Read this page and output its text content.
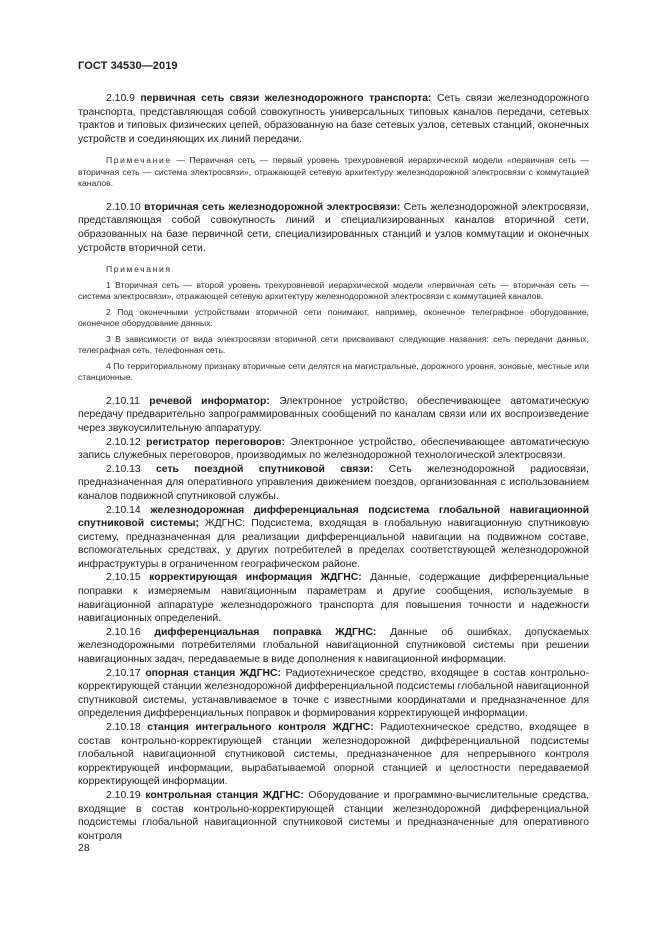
ГОСТ 34530—2019

2.10.9 первичная сеть связи железнодорожного транспорта: Сеть связи железнодорожного транспорта, представляющая собой совокупность универсальных типовых каналов передачи, сетевых трактов и типовых физических цепей, образованную на базе сетевых узлов, сетевых станций, оконечных устройств и соединяющих их линий передачи.

Примечание — Первичная сеть — первый уровень трехуровневой иерархической модели «первичная сеть — вторичная сеть — система электросвязи», отражающей сетевую архитектуру железнодорожной электросвязи с коммутацией каналов.

2.10.10 вторичная сеть железнодорожной электросвязи: Сеть железнодорожной электросвязи, представляющая собой совокупность линий и специализированных каналов вторичной сети, образованных на базе первичной сети, специализированных станций и узлов коммутации и оконечных устройств вторичной сети.

Примечания

1 Вторичная сеть — второй уровень трехуровневой иерархической модели «первичная сеть — вторичная сеть — система электросвязи», отражающей сетевую архитектуру железнодорожной электросвязи с коммутацией каналов.

2 Под оконечными устройствами вторичной сети понимают, например, оконечное телеграфное оборудование, оконечное оборудование данных.

3 В зависимости от вида электросвязи вторичной сети присваивают следующие названия: сеть передачи данных, телеграфная сеть, телефонная сеть.

4 По территориальному признаку вторичные сети делятся на магистральные, дорожного уровня, зоновые, местные или станционные.

2.10.11 речевой информатор: Электронное устройство, обеспечивающее автоматическую передачу предварительно запрограммированных сообщений по каналам связи или их воспроизведение через звукоусилительную аппаратуру.

2.10.12 регистратор переговоров: Электронное устройство, обеспечивающее автоматическую запись служебных переговоров, производимых по железнодорожной технологической электросвязи.

2.10.13 сеть поездной спутниковой связи: Сеть железнодорожной радиосвязи, предназначенная для оперативного управления движением поездов, организованная с использованием каналов подвижной спутниковой службы.

2.10.14 железнодорожная дифференциальная подсистема глобальной навигационной спутниковой системы; ЖДГНС: Подсистема, входящая в глобальную навигационную спутниковую систему, предназначенная для реализации дифференциальной навигации на подвижном составе, вспомогательных средствах, у других потребителей в пределах соответствующей железнодорожной инфраструктуры в ограниченном географическом районе.

2.10.15 корректирующая информация ЖДГНС: Данные, содержащие дифференциальные поправки к измеряемым навигационным параметрам и другие сообщения, используемые в навигационной аппаратуре железнодорожного транспорта для повышения точности и надежности навигационных определений.

2.10.16 дифференциальная поправка ЖДГНС: Данные об ошибках, допускаемых железнодорожными потребителями глобальной навигационной спутниковой системы при решении навигационных задач, передаваемые в виде дополнения к навигационной информации.

2.10.17 опорная станция ЖДГНС: Радиотехническое средство, входящее в состав контрольно-корректирующей станции железнодорожной дифференциальной подсистемы глобальной навигационной спутниковой системы, устанавливаемое в точке с известными координатами и предназначенное для определения дифференциальных поправок и формирования корректирующей информации.

2.10.18 станция интегрального контроля ЖДГНС: Радиотехническое средство, входящее в состав контрольно-корректирующей станции железнодорожной дифференциальной подсистемы глобальной навигационной спутниковой системы, предназначенное для непрерывного контроля корректирующей информации, вырабатываемой опорной станцией и целостности передаваемой корректирующей информации.

2.10.19 контрольная станция ЖДГНС: Оборудование и программно-вычислительные средства, входящие в состав контрольно-корректирующей станции железнодорожной дифференциальной подсистемы глобальной навигационной спутниковой системы и предназначенные для оперативного контроля

28
